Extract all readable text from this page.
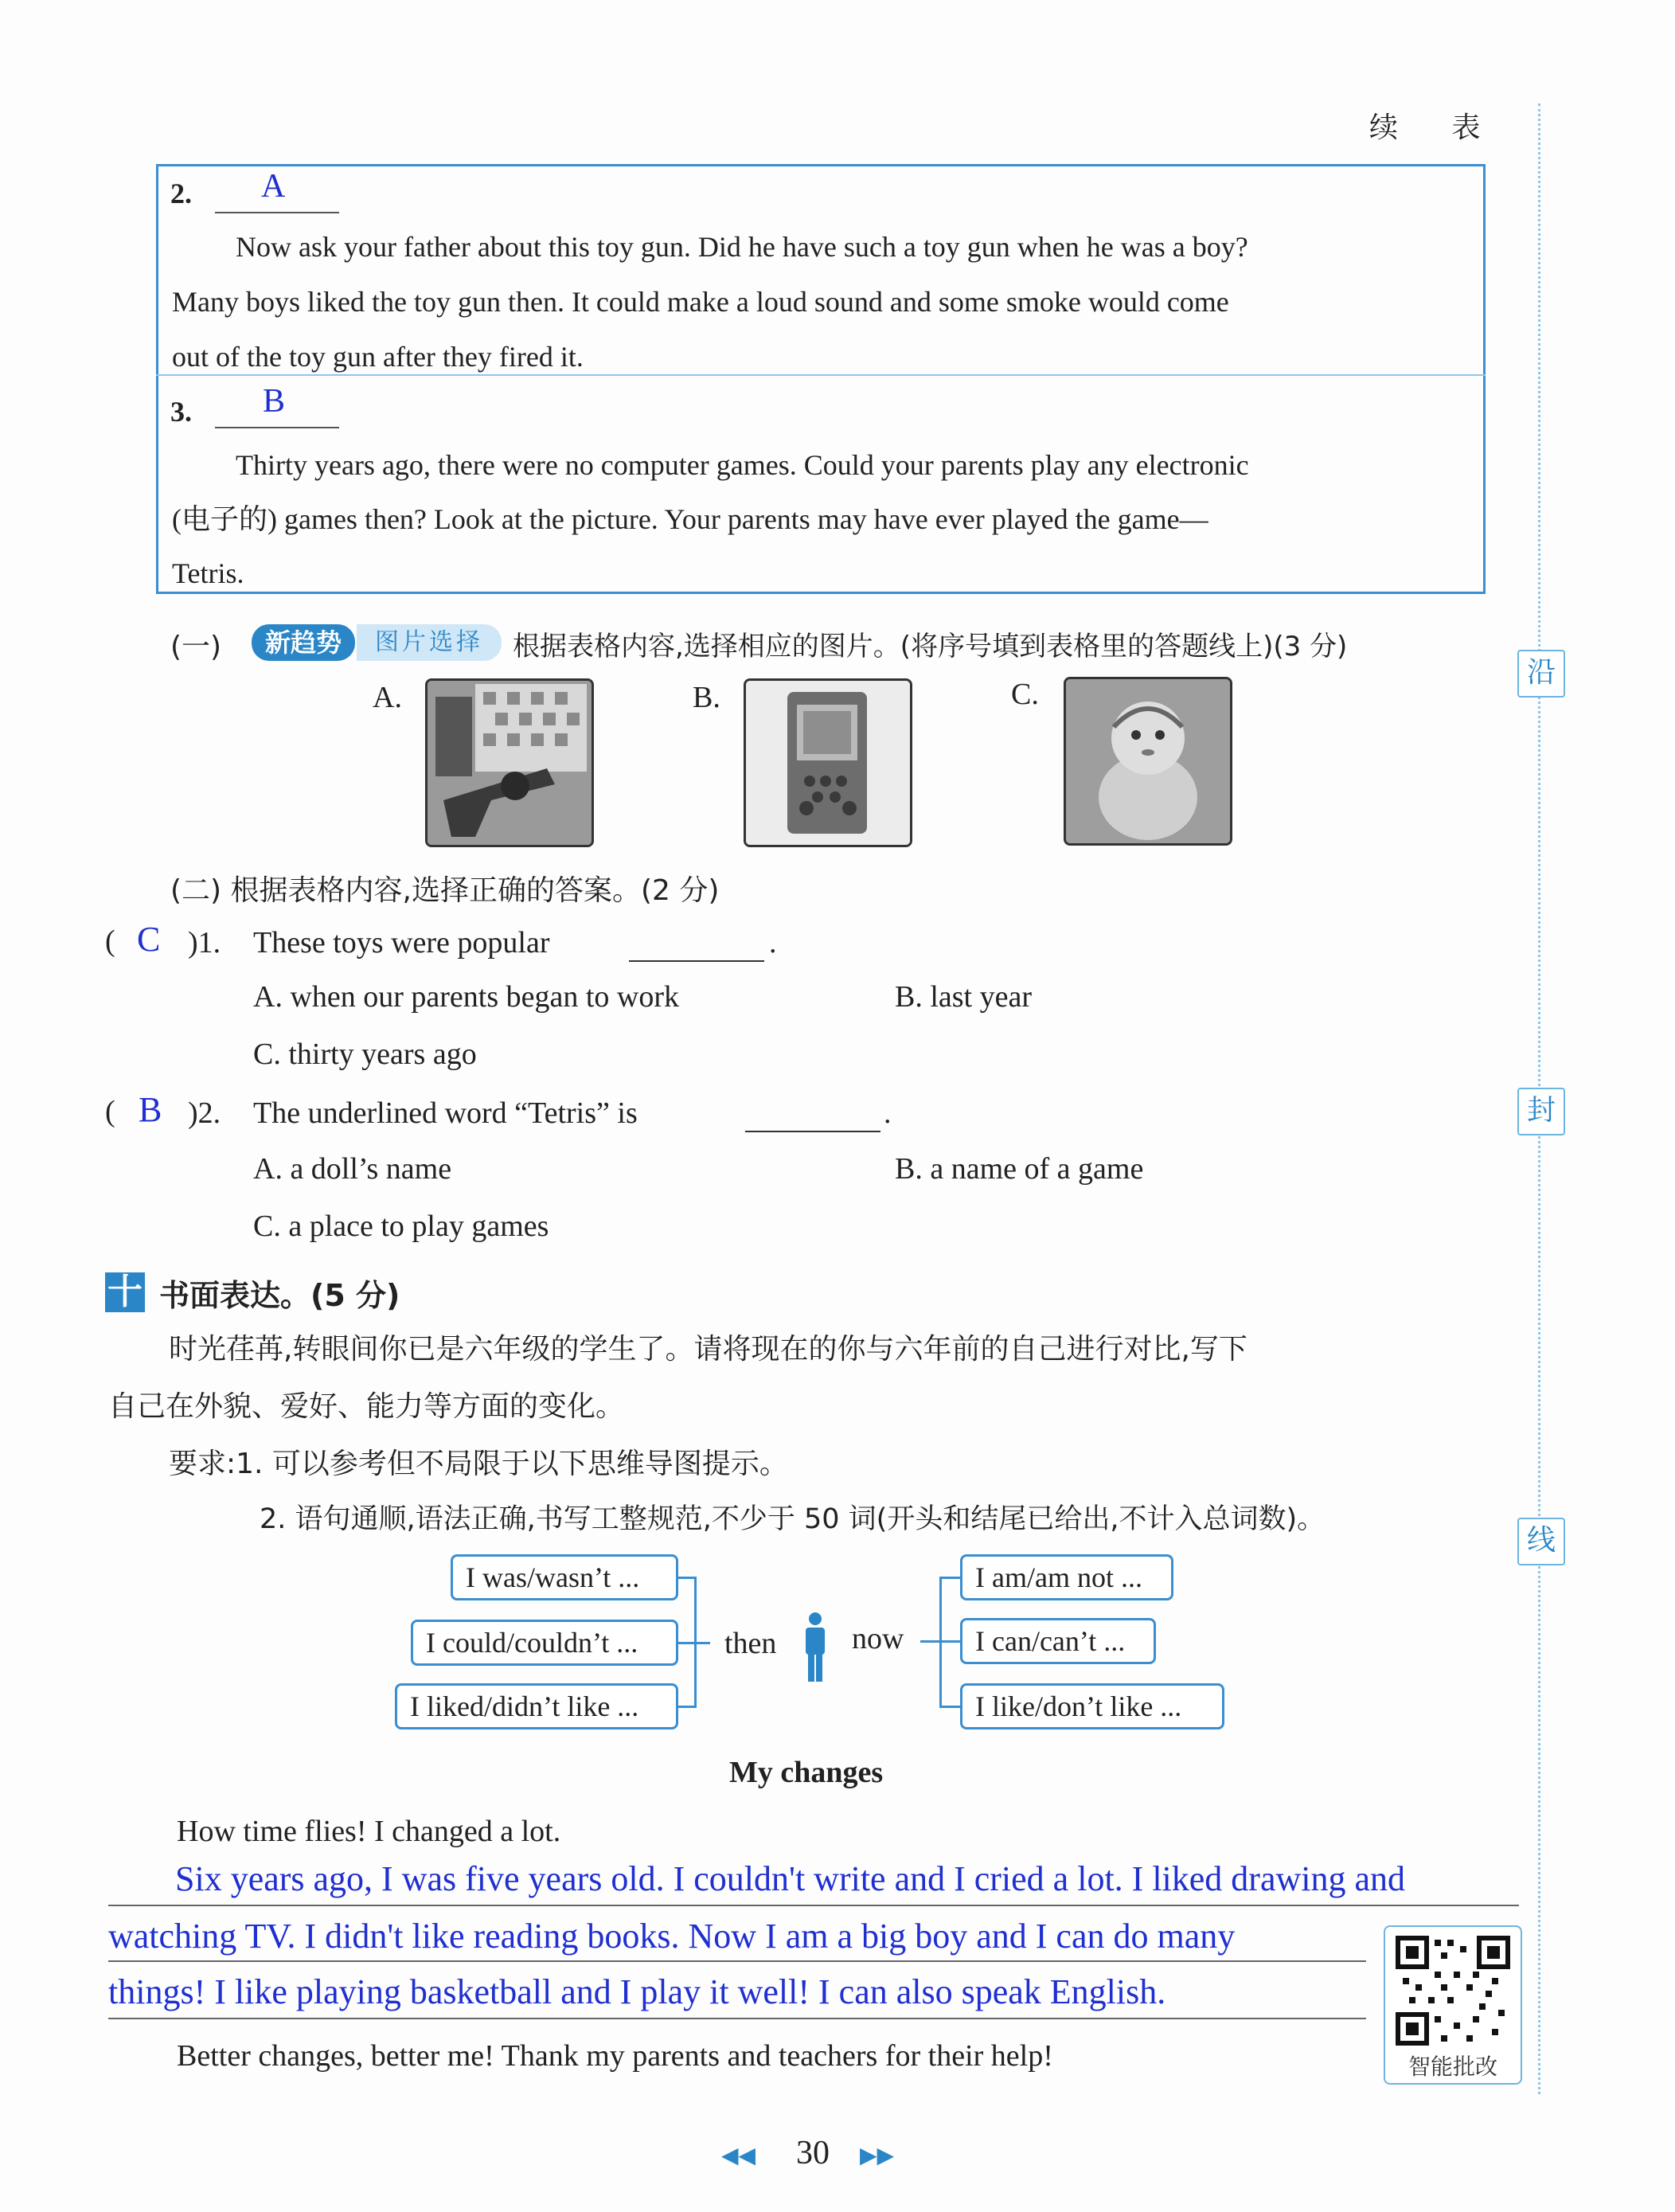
续 表
沿
封
线
2. A
Now ask your father about this toy gun. Did he have such a toy gun when he was a boy?
Many boys liked the toy gun then. It could make a loud sound and some smoke would come
out of the toy gun after they fired it.
3. B
Thirty years ago, there were no computer games. Could your parents play any electronic
(电子的) games then? Look at the picture. Your parents may have ever played the game—
Tetris.
(一)	新趋势	图片选择	根据表格内容,选择相应的图片。(将序号填到表格里的答题线上)(3 分)
A.	B.	C.
(二) 根据表格内容,选择正确的答案。(2 分)
( C )1. These toys were popular	.
A. when our parents began to work	B. last year
C. thirty years ago
( B )2. The underlined word “Tetris” is	.
A. a doll’s name	B. a name of a game
C. a place to play games
十 书面表达。(5 分)
时光荏苒,转眼间你已是六年级的学生了。请将现在的你与六年前的自己进行对比,写下
自己在外貌、爱好、能力等方面的变化。
要求:1. 可以参考但不局限于以下思维导图提示。
2. 语句通顺,语法正确,书写工整规范,不少于 50 词(开头和结尾已给出,不计入总词数)。
I was/wasn’t ...
I could/couldn’t ...
I liked/didn’t like ...
then now
I am/am not ...
I can/can’t ...
I like/don’t like ...
My changes
How time flies! I changed a lot.
Six years ago, I was five years old. I couldn't write and I cried a lot. I liked drawing and
watching TV. I didn't like reading books. Now I am a big boy and I can do many
things! I like playing basketball and I play it well! I can also speak English.
Better changes, better me! Thank my parents and teachers for their help!	智能批改
◀◀ 30 ▶▶
